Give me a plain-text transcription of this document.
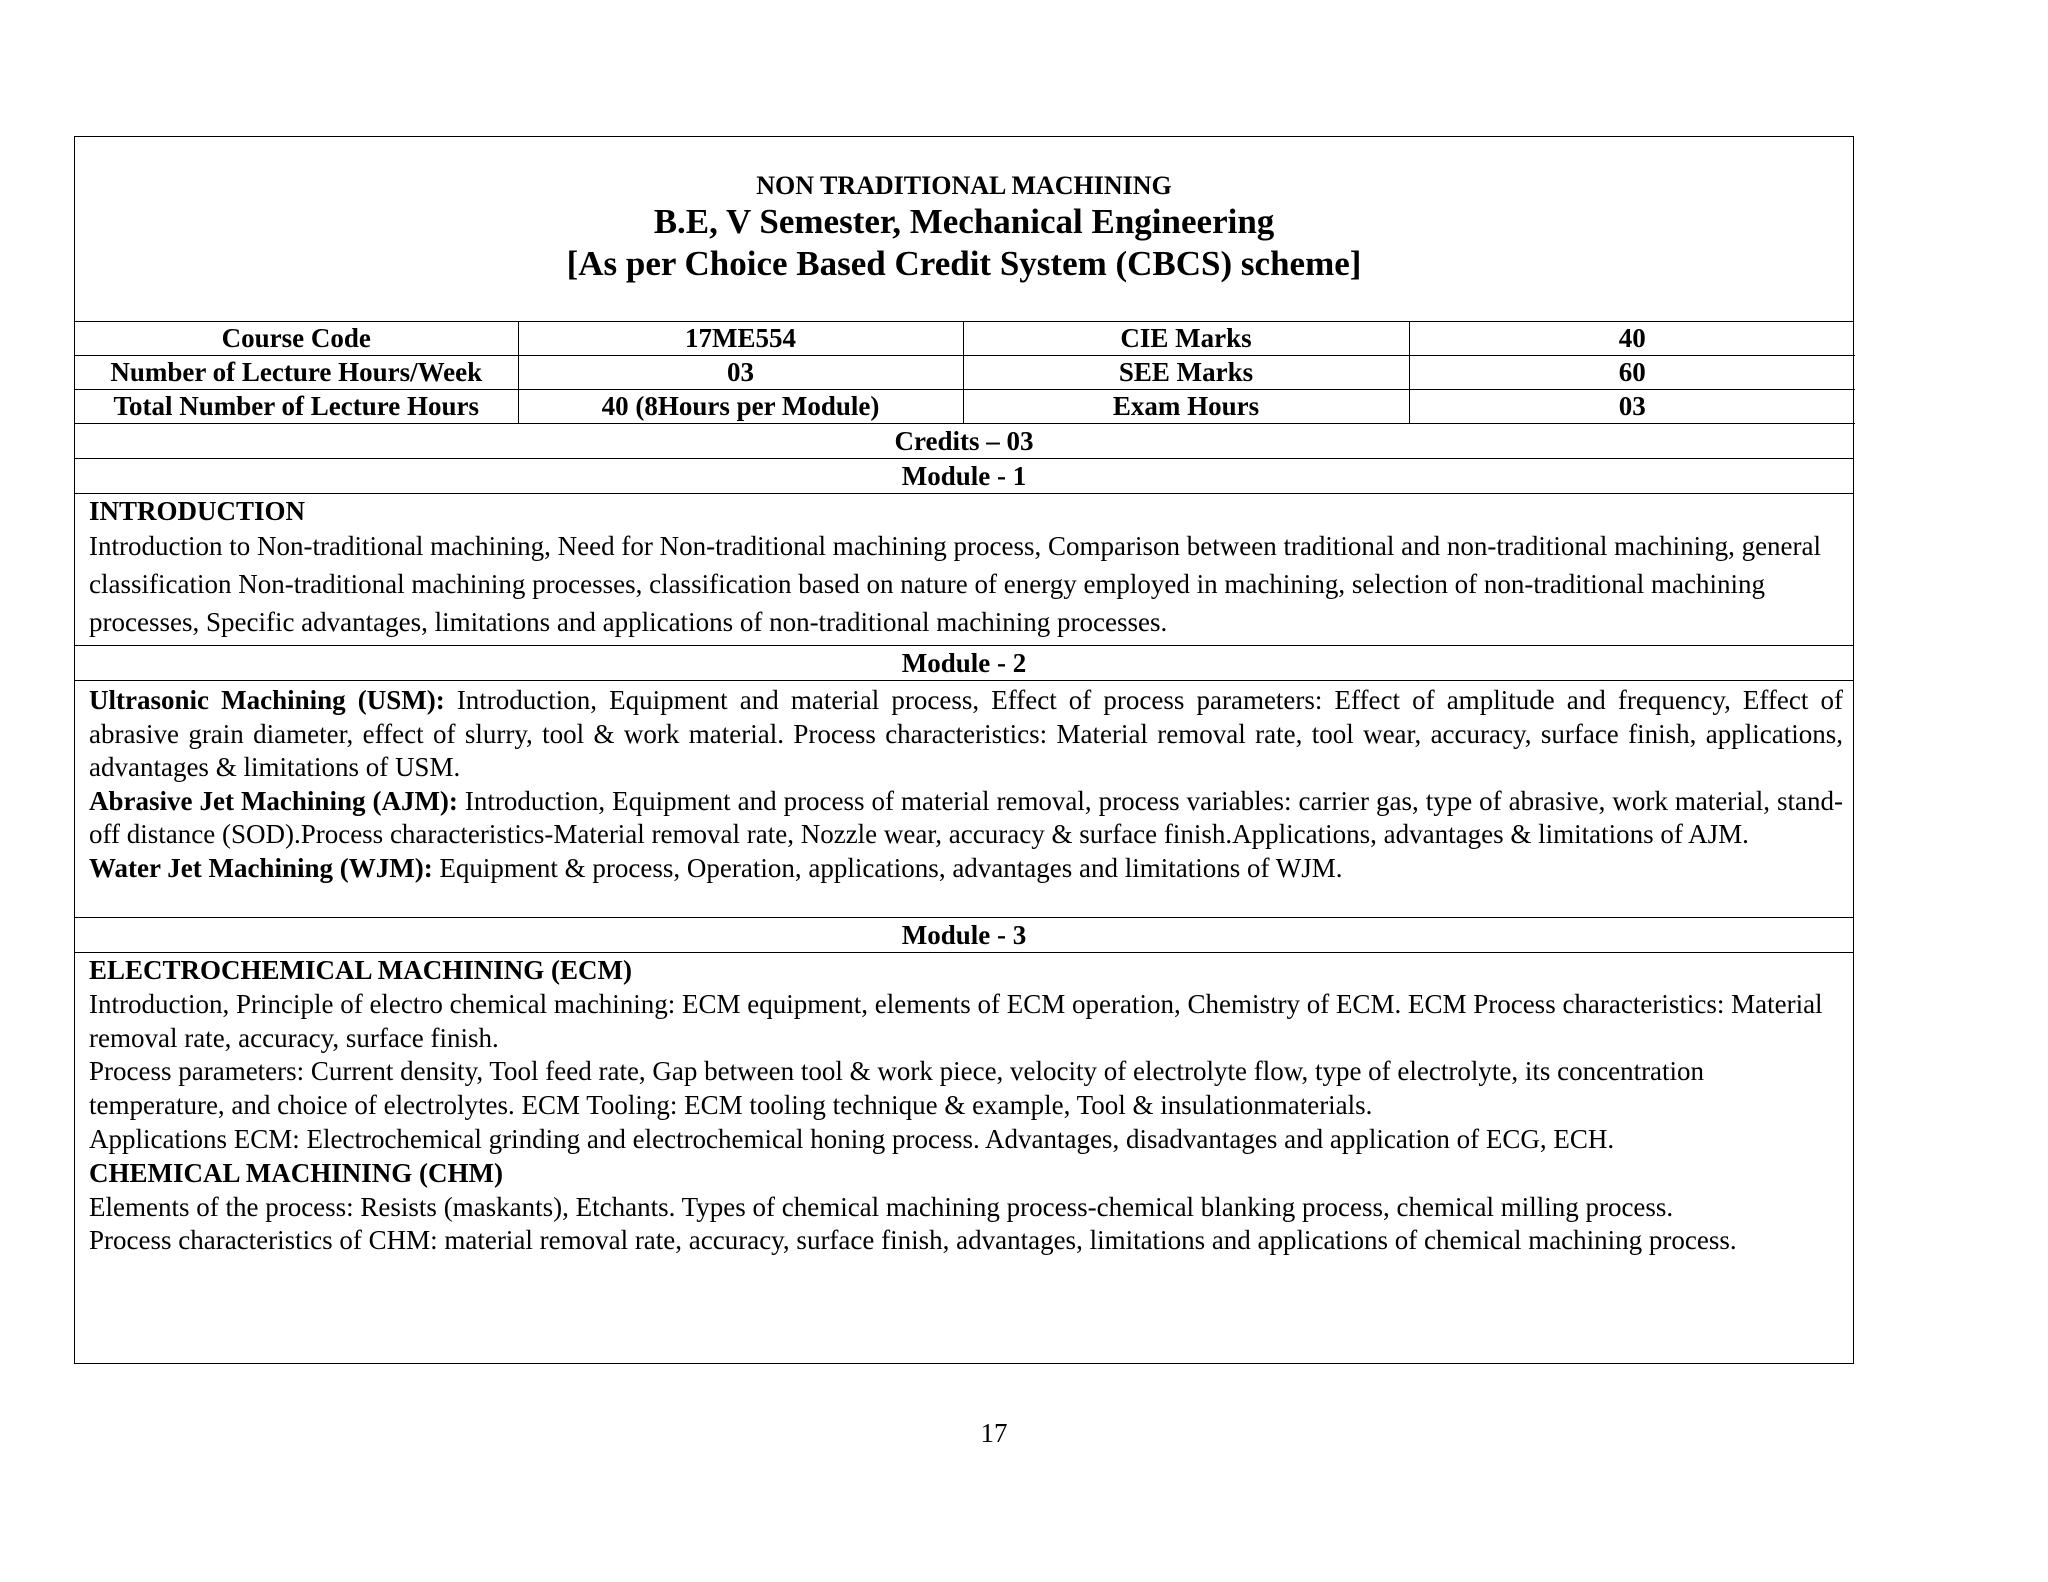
NON TRADITIONAL MACHINING
B.E, V Semester, Mechanical Engineering
[As per Choice Based Credit System (CBCS) scheme]
Course Code	17ME554	CIE Marks	40
Number of Lecture Hours/Week	03	SEE Marks	60
Total Number of Lecture Hours	40 (8Hours per Module)	Exam Hours	03
Credits – 03
Module - 1
INTRODUCTION
Introduction to Non-traditional machining, Need for Non-traditional machining process, Comparison between traditional and non-traditional machining, general classification Non-traditional machining processes, classification based on nature of energy employed in machining, selection of non-traditional machining processes, Specific advantages, limitations and applications of non-traditional machining processes.
Module - 2

Ultrasonic Machining (USM): Introduction, Equipment and material process, Effect of process parameters: Effect of amplitude and frequency, Effect of abrasive grain diameter, effect of slurry, tool & work material. Process characteristics: Material removal rate, tool wear, accuracy, surface finish, applications, advantages & limitations of USM.

Abrasive Jet Machining (AJM): Introduction, Equipment and process of material removal, process variables: carrier gas, type of abrasive, work material, stand-off distance (SOD).Process characteristics-Material removal rate, Nozzle wear, accuracy & surface finish.Applications, advantages & limitations of AJM.

Water Jet Machining (WJM): Equipment & process, Operation, applications, advantages and limitations of WJM.

Module - 3

ELECTROCHEMICAL MACHINING (ECM)

Introduction, Principle of electro chemical machining: ECM equipment, elements of ECM operation, Chemistry of ECM. ECM Process characteristics: Material removal rate, accuracy, surface finish.

Process parameters: Current density, Tool feed rate, Gap between tool & work piece, velocity of electrolyte flow, type of electrolyte, its concentration temperature, and choice of electrolytes. ECM Tooling: ECM tooling technique & example, Tool & insulationmaterials.

Applications ECM: Electrochemical grinding and electrochemical honing process. Advantages, disadvantages and application of ECG, ECH.

CHEMICAL MACHINING (CHM)

Elements of the process: Resists (maskants), Etchants. Types of chemical machining process-chemical blanking process, chemical milling process.

Process characteristics of CHM: material removal rate, accuracy, surface finish, advantages, limitations and applications of chemical machining process.

17
